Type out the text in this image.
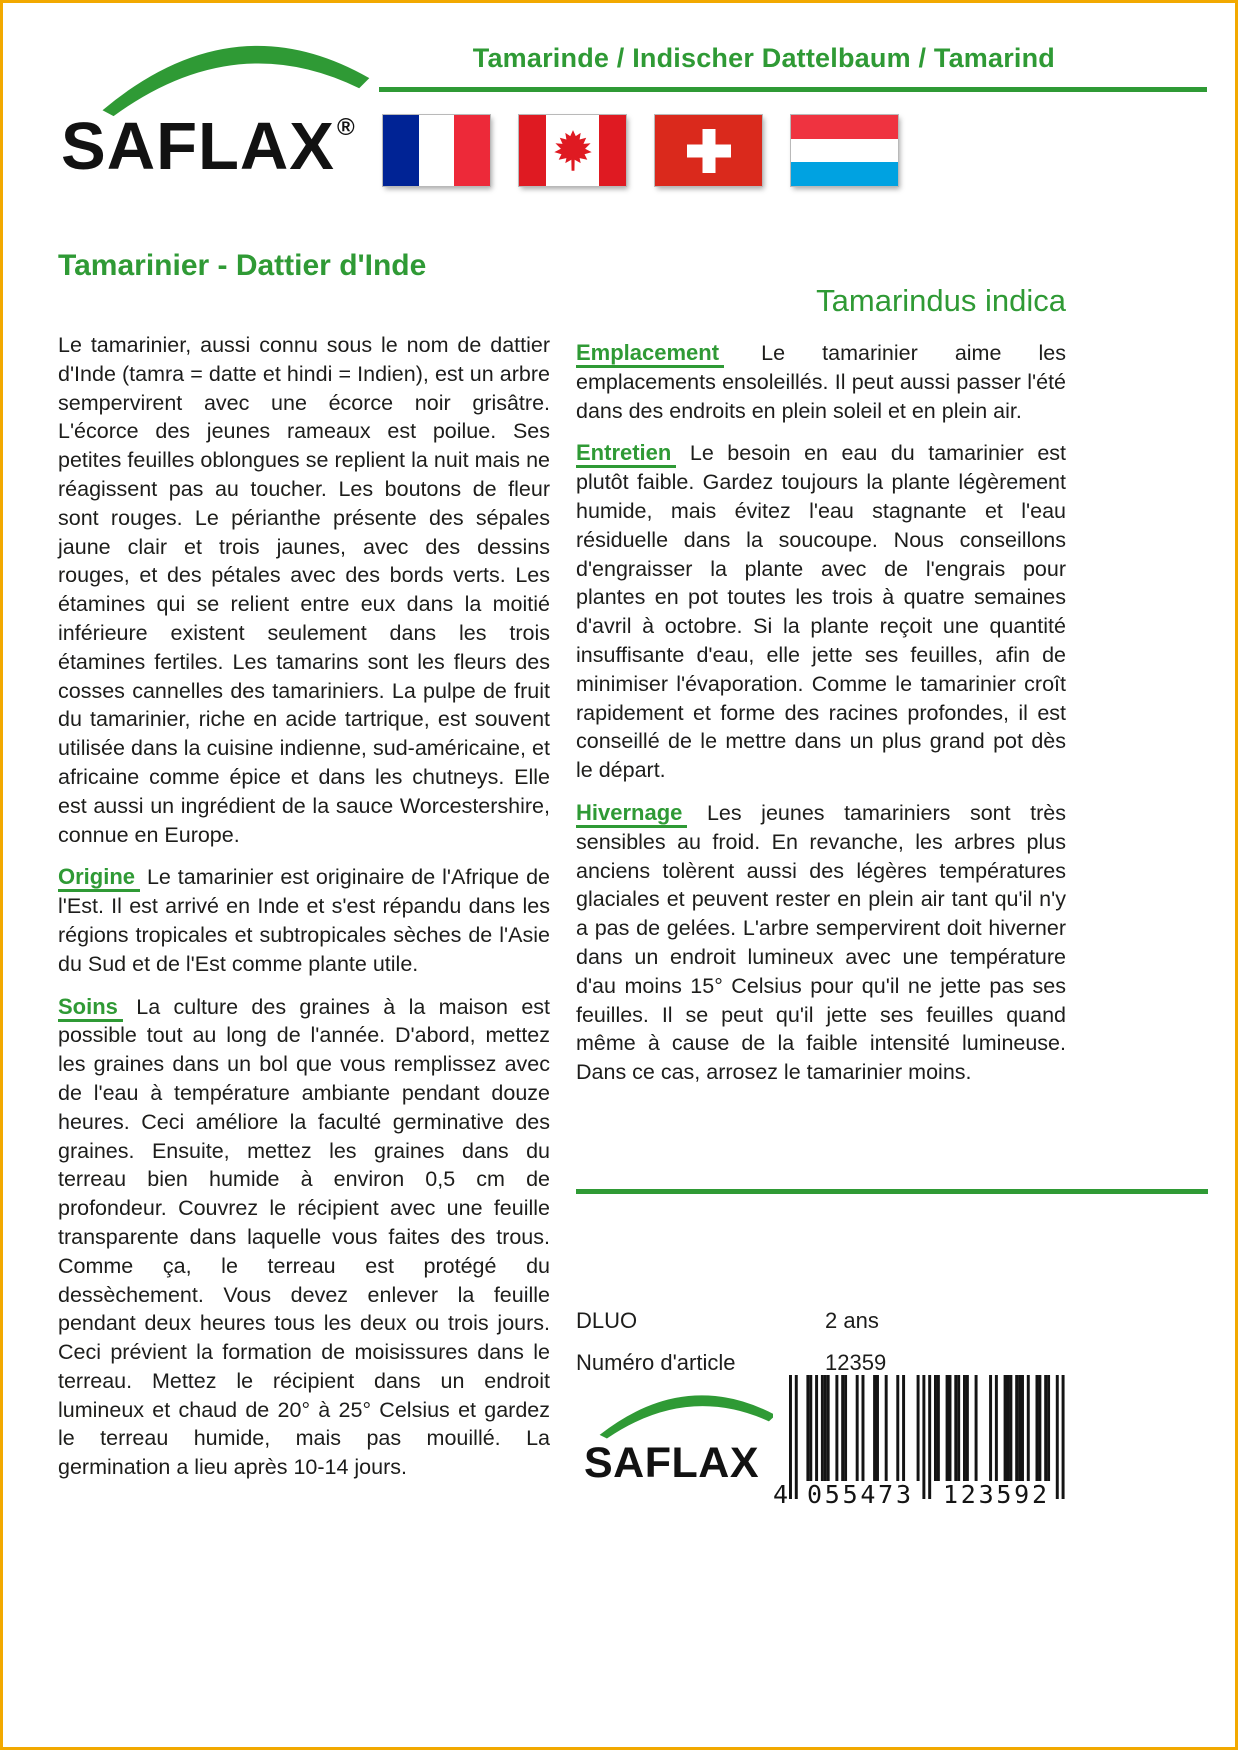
Tamarinde / Indischer Dattelbaum / Tamarind
SAFLAX®
Tamarinier - Dattier d'Inde

Le tamarinier, aussi connu sous le nom de dattier d'Inde (tamra = datte et hindi = Indien), est un arbre sempervirent avec une écorce noir grisâtre. L'écorce des jeunes rameaux est poilue. Ses petites feuilles oblongues se replient la nuit mais ne réagissent pas au toucher. Les boutons de fleur sont rouges. Le périanthe présente des sépales jaune clair et trois jaunes, avec des dessins rouges, et des pétales avec des bords verts. Les étamines qui se relient entre eux dans la moitié inférieure existent seulement dans les trois étamines fertiles. Les tamarins sont les fleurs des cosses cannelles des tamariniers. La pulpe de fruit du tamarinier, riche en acide tartrique, est souvent utilisée dans la cuisine indienne, sud-américaine, et africaine comme épice et dans les chutneys. Elle est aussi un ingrédient de la sauce Worcestershire, connue en Europe.

Origine Le tamarinier est originaire de l'Afrique de l'Est. Il est arrivé en Inde et s'est répandu dans les régions tropicales et subtropicales sèches de l'Asie du Sud et de l'Est comme plante utile.

Soins La culture des graines à la maison est possible tout au long de l'année. D'abord, mettez les graines dans un bol que vous remplissez avec de l'eau à température ambiante pendant douze heures. Ceci améliore la faculté germinative des graines. Ensuite, mettez les graines dans du terreau bien humide à environ 0,5 cm de profondeur. Couvrez le récipient avec une feuille transparente dans laquelle vous faites des trous. Comme ça, le terreau est protégé du dessèchement. Vous devez enlever la feuille pendant deux heures tous les deux ou trois jours. Ceci prévient la formation de moisissures dans le terreau. Mettez le récipient dans un endroit lumineux et chaud de 20° à 25° Celsius et gardez le terreau humide, mais pas mouillé. La germination a lieu après 10-14 jours.

Tamarindus indica

Emplacement Le tamarinier aime les emplacements ensoleillés. Il peut aussi passer l'été dans des endroits en plein soleil et en plein air.

Entretien Le besoin en eau du tamarinier est plutôt faible. Gardez toujours la plante légèrement humide, mais évitez l'eau stagnante et l'eau résiduelle dans la soucoupe. Nous conseillons d'engraisser la plante avec de l'engrais pour plantes en pot toutes les trois à quatre semaines d'avril à octobre. Si la plante reçoit une quantité insuffisante d'eau, elle jette ses feuilles, afin de minimiser l'évaporation. Comme le tamarinier croît rapidement et forme des racines profondes, il est conseillé de le mettre dans un plus grand pot dès le départ.

Hivernage Les jeunes tamariniers sont très sensibles au froid. En revanche, les arbres plus anciens tolèrent aussi des légères températures glaciales et peuvent rester en plein air tant qu'il n'y a pas de gelées. L'arbre sempervirent doit hiverner dans un endroit lumineux avec une température d'au moins 15° Celsius pour qu'il ne jette pas ses feuilles. Il se peut qu'il jette ses feuilles quand même à cause de la faible intensité lumineuse. Dans ce cas, arrosez le tamarinier moins.

DLUO	2 ans
Numéro d'article	12359
SAFLAX
4 055473 123592
